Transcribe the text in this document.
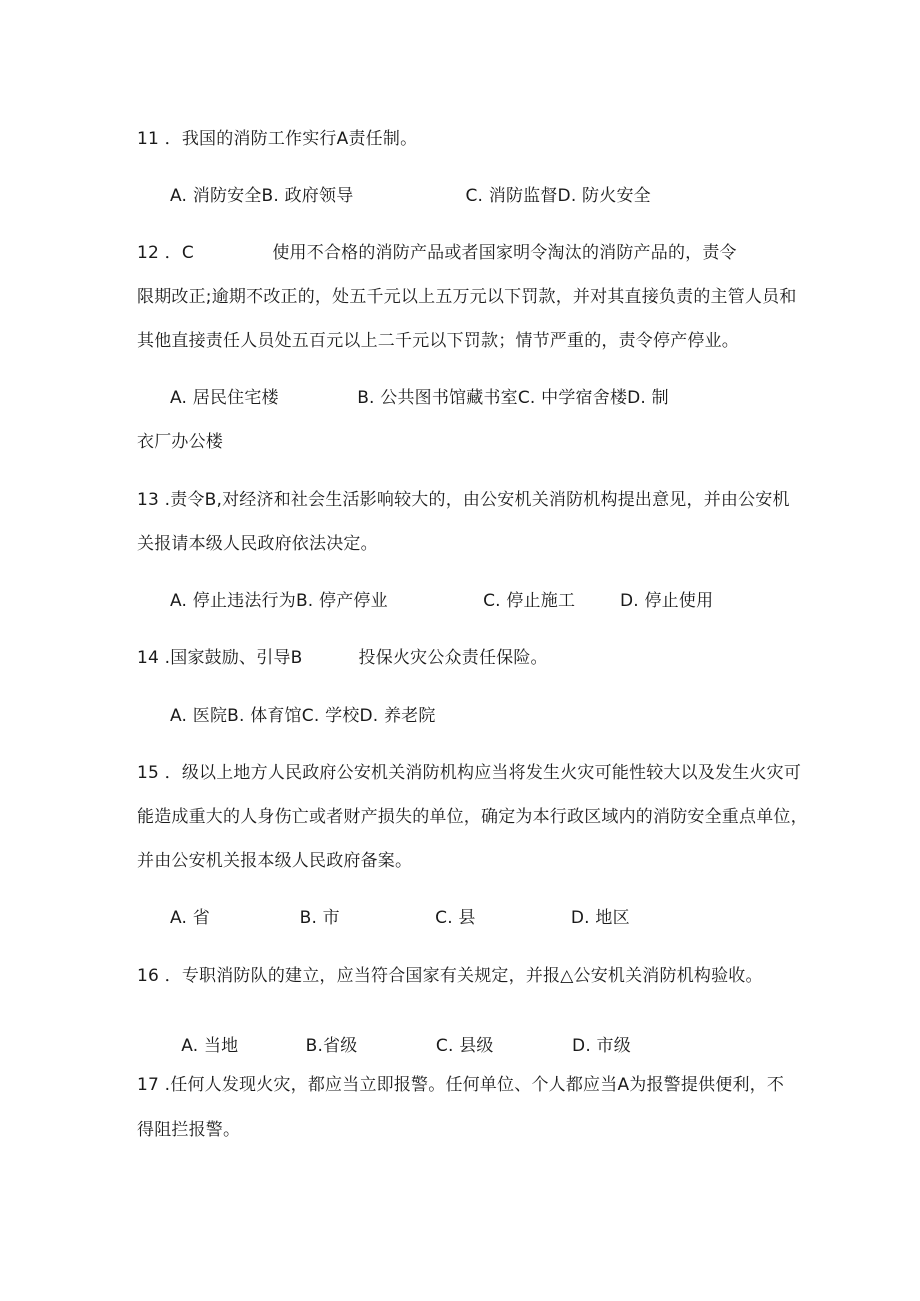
11 ．我国的消防工作实行A责任制。
A. 消防安全B. 政府领导                    C. 消防监督D. 防火安全
12 ．C              使用不合格的消防产品或者国家明令淘汰的消防产品的，责令
限期改正;逾期不改正的，处五千元以上五万元以下罚款，并对其直接负责的主管人员和
其他直接责任人员处五百元以上二千元以下罚款；情节严重的，责令停产停业。
A. 居民住宅楼              B. 公共图书馆藏书室C. 中学宿舍楼D. 制
衣厂办公楼
13 .责令B,对经济和社会生活影响较大的，由公安机关消防机构提出意见，并由公安机
关报请本级人民政府依法决定。
A. 停止违法行为B. 停产停业                 C. 停止施工        D. 停止使用
14 .国家鼓励、引导B          投保火灾公众责任保险。
A. 医院B. 体育馆C. 学校D. 养老院
15 ．级以上地方人民政府公安机关消防机构应当将发生火灾可能性较大以及发生火灾可
能造成重大的人身伤亡或者财产损失的单位，确定为本行政区域内的消防安全重点单位，
并由公安机关报本级人民政府备案。
A. 省                B. 市                 C. 县                 D. 地区
16 ．专职消防队的建立，应当符合国家有关规定，并报△公安机关消防机构验收。
A. 当地            B.省级              C. 县级              D. 市级
17 .任何人发现火灾，都应当立即报警。任何单位、个人都应当A为报警提供便利，不
得阻拦报警。
